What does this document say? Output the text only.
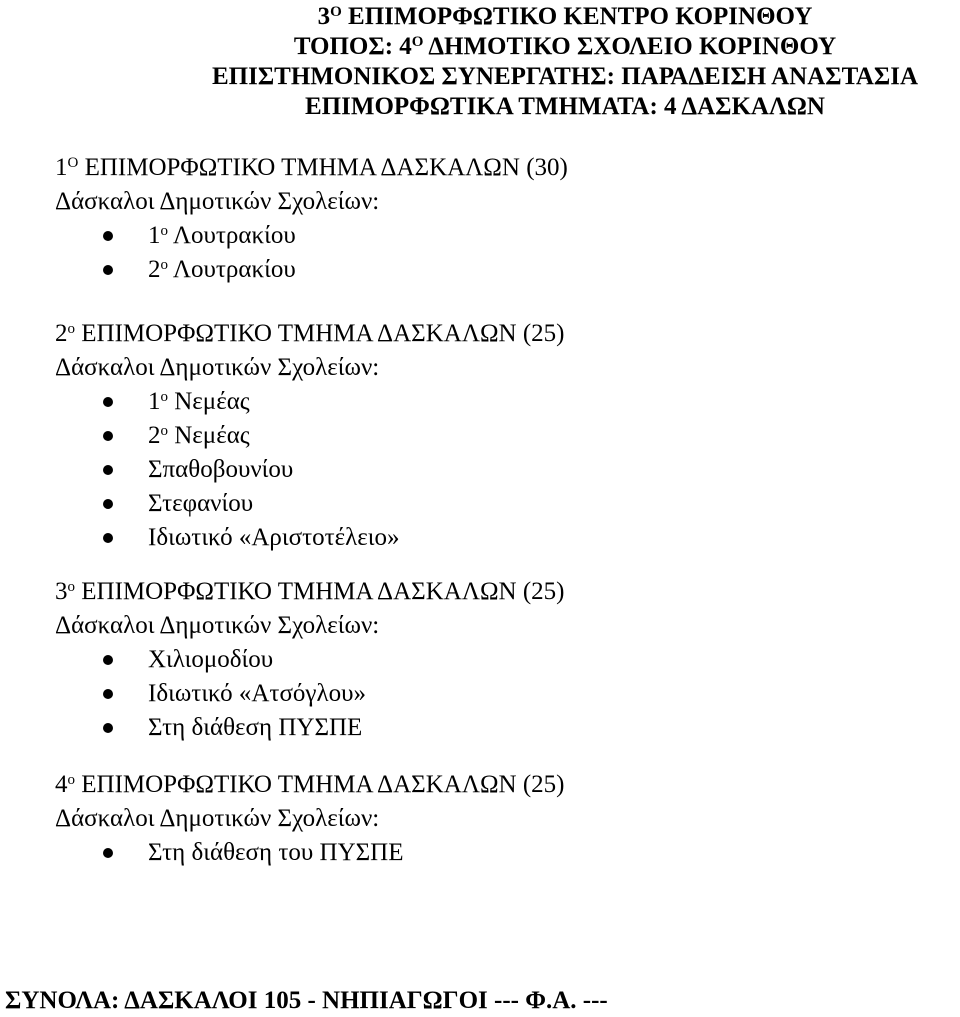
$3^O$ ΕΠΙΜΟΡΦΩΤΙΚΟ ΚΕΝΤΡΟ ΚΟΡΙΝΘΟΥ
ΤΟΠΟΣ: $4^O$ ΔΗΜΟΤΙΚΟ ΣΧΟΛΕΙΟ ΚΟΡΙΝΘΟΥ
ΕΠΙΣΤΗΜΟΝΙΚΟΣ ΣΥΝΕΡΓΑΤΗΣ: ΠΑΡΑΔΕΙΣΗ ΑΝΑΣΤΑΣΙΑ
ΕΠΙΜΟΡΦΩΤΙΚΑ ΤΜΗΜΑΤΑ: 4 ΔΑΣΚΑΛΩΝ
$1^O$ ΕΠΙΜΟΡΦΩΤΙΚΟ ΤΜΗΜΑ ΔΑΣΚΑΛΩΝ (30)
Δάσκαλοι Δημοτικών Σχολείων:
$1^o$ Λουτρακίου
$2^o$ Λουτρακίου
$2^o$ ΕΠΙΜΟΡΦΩΤΙΚΟ ΤΜΗΜΑ ΔΑΣΚΑΛΩΝ (25)
Δάσκαλοι Δημοτικών Σχολείων:
$1^o$ Νεμέας
$2^o$ Νεμέας
Σπαθοβουνίου
Στεφανίου
Ιδιωτικό «Αριστοτέλειο»
$3^o$ ΕΠΙΜΟΡΦΩΤΙΚΟ ΤΜΗΜΑ ΔΑΣΚΑΛΩΝ (25)
Δάσκαλοι Δημοτικών Σχολείων:
Χιλιομοδίου
Ιδιωτικό «Ατσόγλου»
Στη διάθεση ΠΥΣΠΕ
$4^o$ ΕΠΙΜΟΡΦΩΤΙΚΟ ΤΜΗΜΑ ΔΑΣΚΑΛΩΝ (25)
Δάσκαλοι Δημοτικών Σχολείων:
Στη διάθεση του ΠΥΣΠΕ
ΣΥΝΟΛΑ: ΔΑΣΚΑΛΟΙ 105 - ΝΗΠΙΑΓΩΓΟΙ --- Φ.Α. ---
